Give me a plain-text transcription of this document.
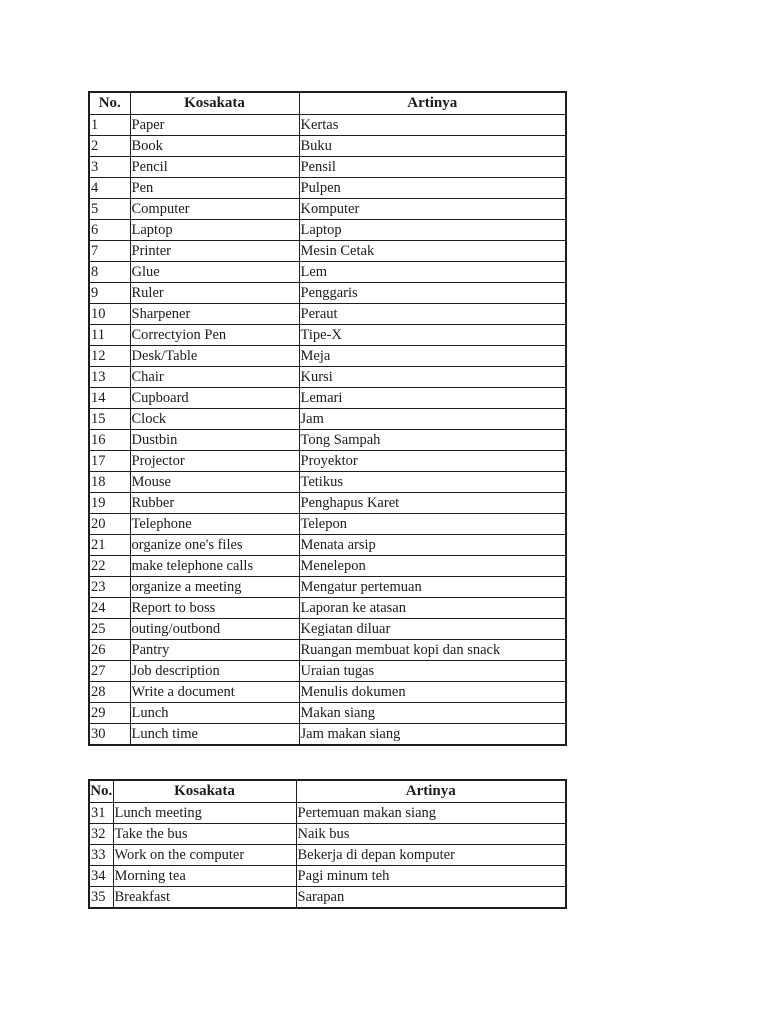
No.	Kosakata	Artinya
1	Paper	Kertas
2	Book	Buku
3	Pencil	Pensil
4	Pen	Pulpen
5	Computer	Komputer
6	Laptop	Laptop
7	Printer	Mesin Cetak
8	Glue	Lem
9	Ruler	Penggaris
10	Sharpener	Peraut
11	Correctyion Pen	Tipe-X
12	Desk/Table	Meja
13	Chair	Kursi
14	Cupboard	Lemari
15	Clock	Jam
16	Dustbin	Tong Sampah
17	Projector	Proyektor
18	Mouse	Tetikus
19	Rubber	Penghapus Karet
20	Telephone	Telepon
21	organize one's files	Menata arsip
22	make telephone calls	Menelepon
23	organize a meeting	Mengatur pertemuan
24	Report to boss	Laporan ke atasan
25	outing/outbond	Kegiatan diluar
26	Pantry	Ruangan membuat kopi dan snack
27	Job description	Uraian tugas
28	Write a document	Menulis dokumen
29	Lunch	Makan siang
30	Lunch time	Jam makan siang
No.	Kosakata	Artinya
31	Lunch meeting	Pertemuan makan siang
32	Take the bus	Naik bus
33	Work on the computer	Bekerja di depan komputer
34	Morning tea	Pagi minum teh
35	Breakfast	Sarapan
